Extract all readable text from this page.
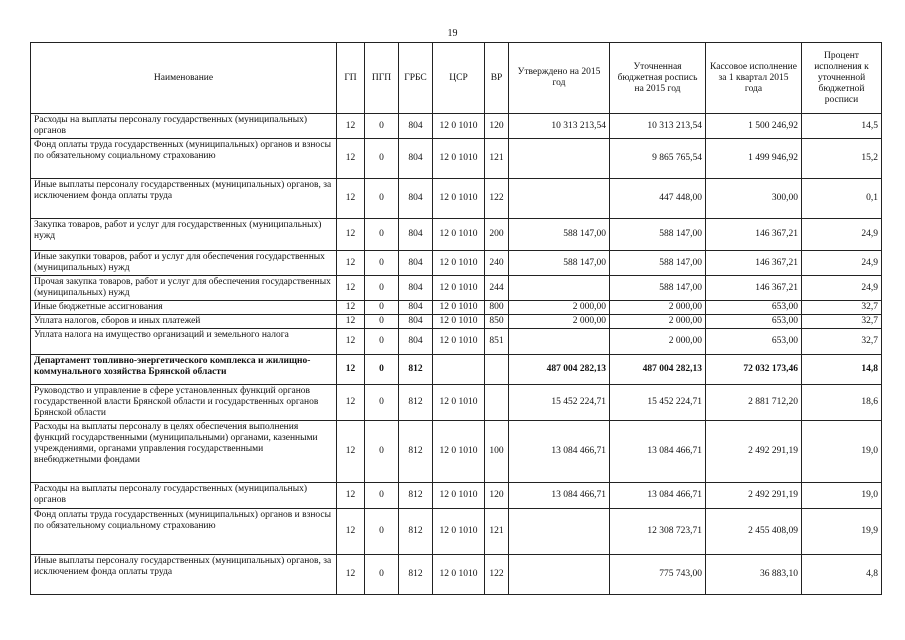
19
Наименование	ГП	ПГП	ГРБС	ЦСР	ВР	Утверждено на 2015 год	Уточненная бюджетная роспись на 2015 год	Кассовое исполнение за 1 квартал 2015 года	Процент исполнения к уточненной бюджетной росписи
Расходы на выплаты персоналу государственных (муниципальных) органов	12	0	804	12 0 1010	120	10 313 213,54	10 313 213,54	1 500 246,92	14,5
Фонд оплаты труда государственных (муниципальных) органов и взносы по обязательному социальному страхованию	12	0	804	12 0 1010	121		9 865 765,54	1 499 946,92	15,2
Иные выплаты персоналу государственных (муниципальных) органов, за исключением фонда оплаты труда	12	0	804	12 0 1010	122		447 448,00	300,00	0,1
Закупка товаров, работ и услуг для государственных (муниципальных) нужд	12	0	804	12 0 1010	200	588 147,00	588 147,00	146 367,21	24,9
Иные закупки товаров, работ и услуг для обеспечения государственных (муниципальных) нужд	12	0	804	12 0 1010	240	588 147,00	588 147,00	146 367,21	24,9
Прочая закупка товаров, работ и услуг для обеспечения государственных (муниципальных) нужд	12	0	804	12 0 1010	244		588 147,00	146 367,21	24,9
Иные бюджетные ассигнования	12	0	804	12 0 1010	800	2 000,00	2 000,00	653,00	32,7
Уплата налогов, сборов и иных платежей	12	0	804	12 0 1010	850	2 000,00	2 000,00	653,00	32,7
Уплата налога на имущество организаций и земельного налога	12	0	804	12 0 1010	851		2 000,00	653,00	32,7
Департамент топливно-энергетического комплекса и жилищно-коммунального хозяйства Брянской области	12	0	812			487 004 282,13	487 004 282,13	72 032 173,46	14,8
Руководство и управление в сфере установленных функций органов государственной власти Брянской области и государственных органов Брянской области	12	0	812	12 0 1010		15 452 224,71	15 452 224,71	2 881 712,20	18,6
Расходы на выплаты персоналу в целях обеспечения выполнения функций государственными (муниципальными) органами, казенными учреждениями, органами управления государственными внебюджетными фондами	12	0	812	12 0 1010	100	13 084 466,71	13 084 466,71	2 492 291,19	19,0
Расходы на выплаты персоналу государственных (муниципальных) органов	12	0	812	12 0 1010	120	13 084 466,71	13 084 466,71	2 492 291,19	19,0
Фонд оплаты труда государственных (муниципальных) органов и взносы по обязательному социальному страхованию	12	0	812	12 0 1010	121		12 308 723,71	2 455 408,09	19,9
Иные выплаты персоналу государственных (муниципальных) органов, за исключением фонда оплаты труда	12	0	812	12 0 1010	122		775 743,00	36 883,10	4,8
